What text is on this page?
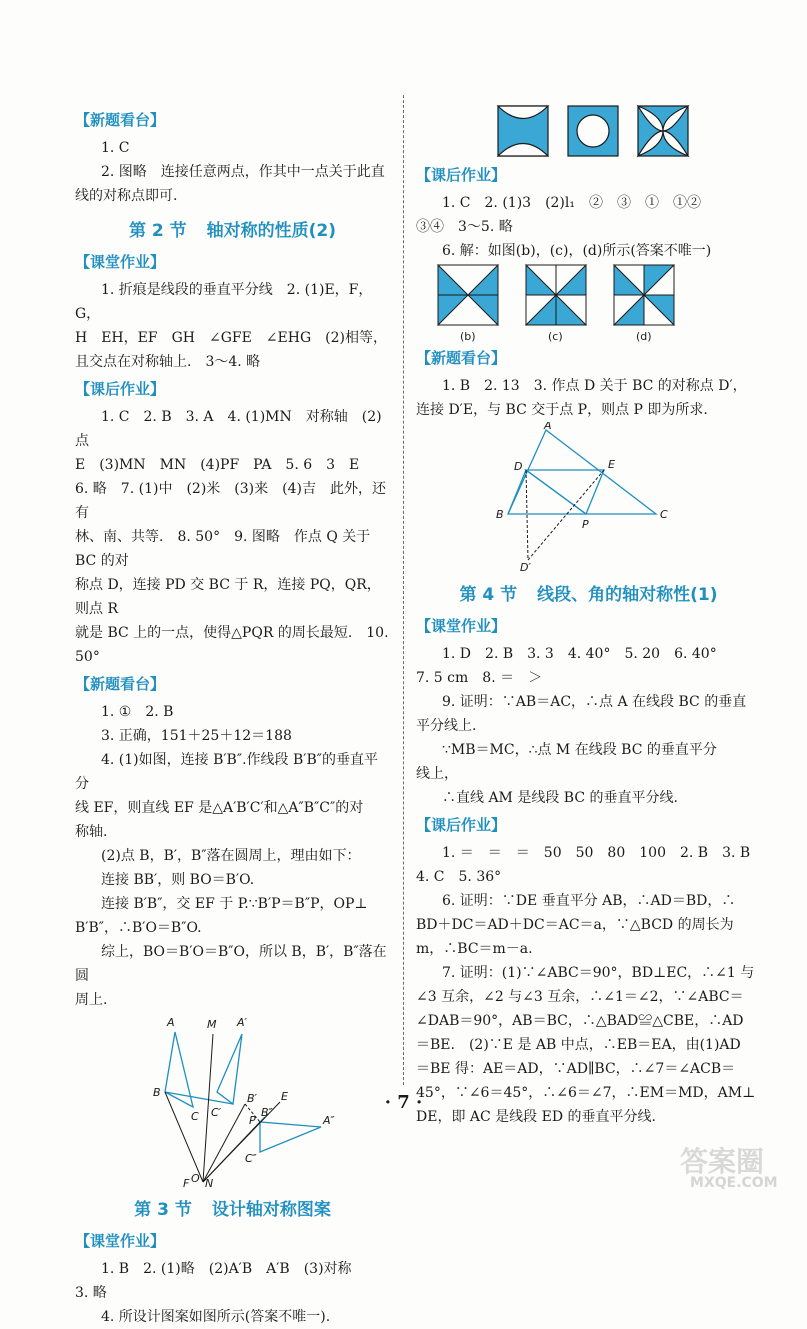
【新题看台】

1. C

2. 图略　连接任意两点，作其中一点关于此直

线的对称点即可.

第 2 节 轴对称的性质(2)
【课堂作业】

1. 折痕是线段的垂直平分线　2. (1)E，F，G，

H　EH，EF　GH　∠GFE　∠EHG　(2)相等，

且交点在对称轴上.　3～4. 略

【课后作业】

1. C　2. B　3. A　4. (1)MN　对称轴　(2)点

E　(3)MN　MN　(4)PF　PA　5. 6　3　E

6. 略　7. (1)中　(2)米　(3)来　(4)吉　此外，还有

林、南、共等.　8. 50°　9. 图略　作点 Q 关于 BC 的对

称点 D，连接 PD 交 BC 于 R，连接 PQ，QR，则点 R

就是 BC 上的一点，使得△PQR 的周长最短.　10. 50°

【新题看台】

1. ①　2. B

3. 正确，151＋25＋12＝188

4. (1)如图，连接 B′B″.作线段 B′B″的垂直平分

线 EF，则直线 EF 是△A′B′C′和△A″B″C″的对

称轴.

(2)点 B，B′，B″落在圆周上，理由如下：

连接 BB′，则 BO＝B′O.

连接 B′B″，交 EF 于 P.∵B′P＝B″P，OP⊥

B′B″，∴B′O＝B″O.

综上，BO＝B′O＝B″O，所以 B，B′，B″落在圆

周上.

A	M A′
E
B′
B″
A″
B
C C′
P
C″
O
F N
第 3 节 设计轴对称图案
【课堂作业】

1. B　2. (1)略　(2)A′B　A′B　(3)对称

3. 略

4. 所设计图案如图所示(答案不唯一).

【课后作业】

1. C　2. (1)3　(2)l₁　②　③　①　①②

③④　3～5. 略

6. 解：如图(b)，(c)，(d)所示(答案不唯一)

(b)	(c)	(d)
【新题看台】

1. B　2. 13　3. 作点 D 关于 BC 的对称点 D′，

连接 D′E，与 BC 交于点 P，则点 P 即为所求.

A
D	E
B
P
C
D′
第 4 节 线段、角的轴对称性(1)
【课堂作业】

1. D　2. B　3. 3　4. 40°　5. 20　6. 40°

7. 5 cm　8. ＝　＞

9. 证明：∵AB＝AC，∴点 A 在线段 BC 的垂直

平分线上.

∵MB＝MC，∴点 M 在线段 BC 的垂直平分

线上，

∴直线 AM 是线段 BC 的垂直平分线.

【课后作业】

1. ＝　＝　＝　50　50　80　100　2. B　3. B

4. C　5. 36°

6. 证明：∵DE 垂直平分 AB，∴AD＝BD，∴

BD＋DC＝AD＋DC＝AC＝a，∵△BCD 的周长为

m，∴BC＝m－a.

7. 证明：(1)∵∠ABC＝90°，BD⊥EC，∴∠1 与

∠3 互余，∠2 与∠3 互余，∴∠1＝∠2，∵∠ABC＝

∠DAB＝90°，AB＝BC，∴△BAD≌△CBE，∴AD

＝BE.　(2)∵E 是 AB 中点，∴EB＝EA，由(1)AD

＝BE 得：AE＝AD，∵AD∥BC，∴∠7＝∠ACB＝

45°，∵∠6＝45°，∴∠6＝∠7，∴EM＝MD，AM⊥

DE，即 AC 是线段 ED 的垂直平分线.

· 7 ·
答案圈
MXQE.COM
